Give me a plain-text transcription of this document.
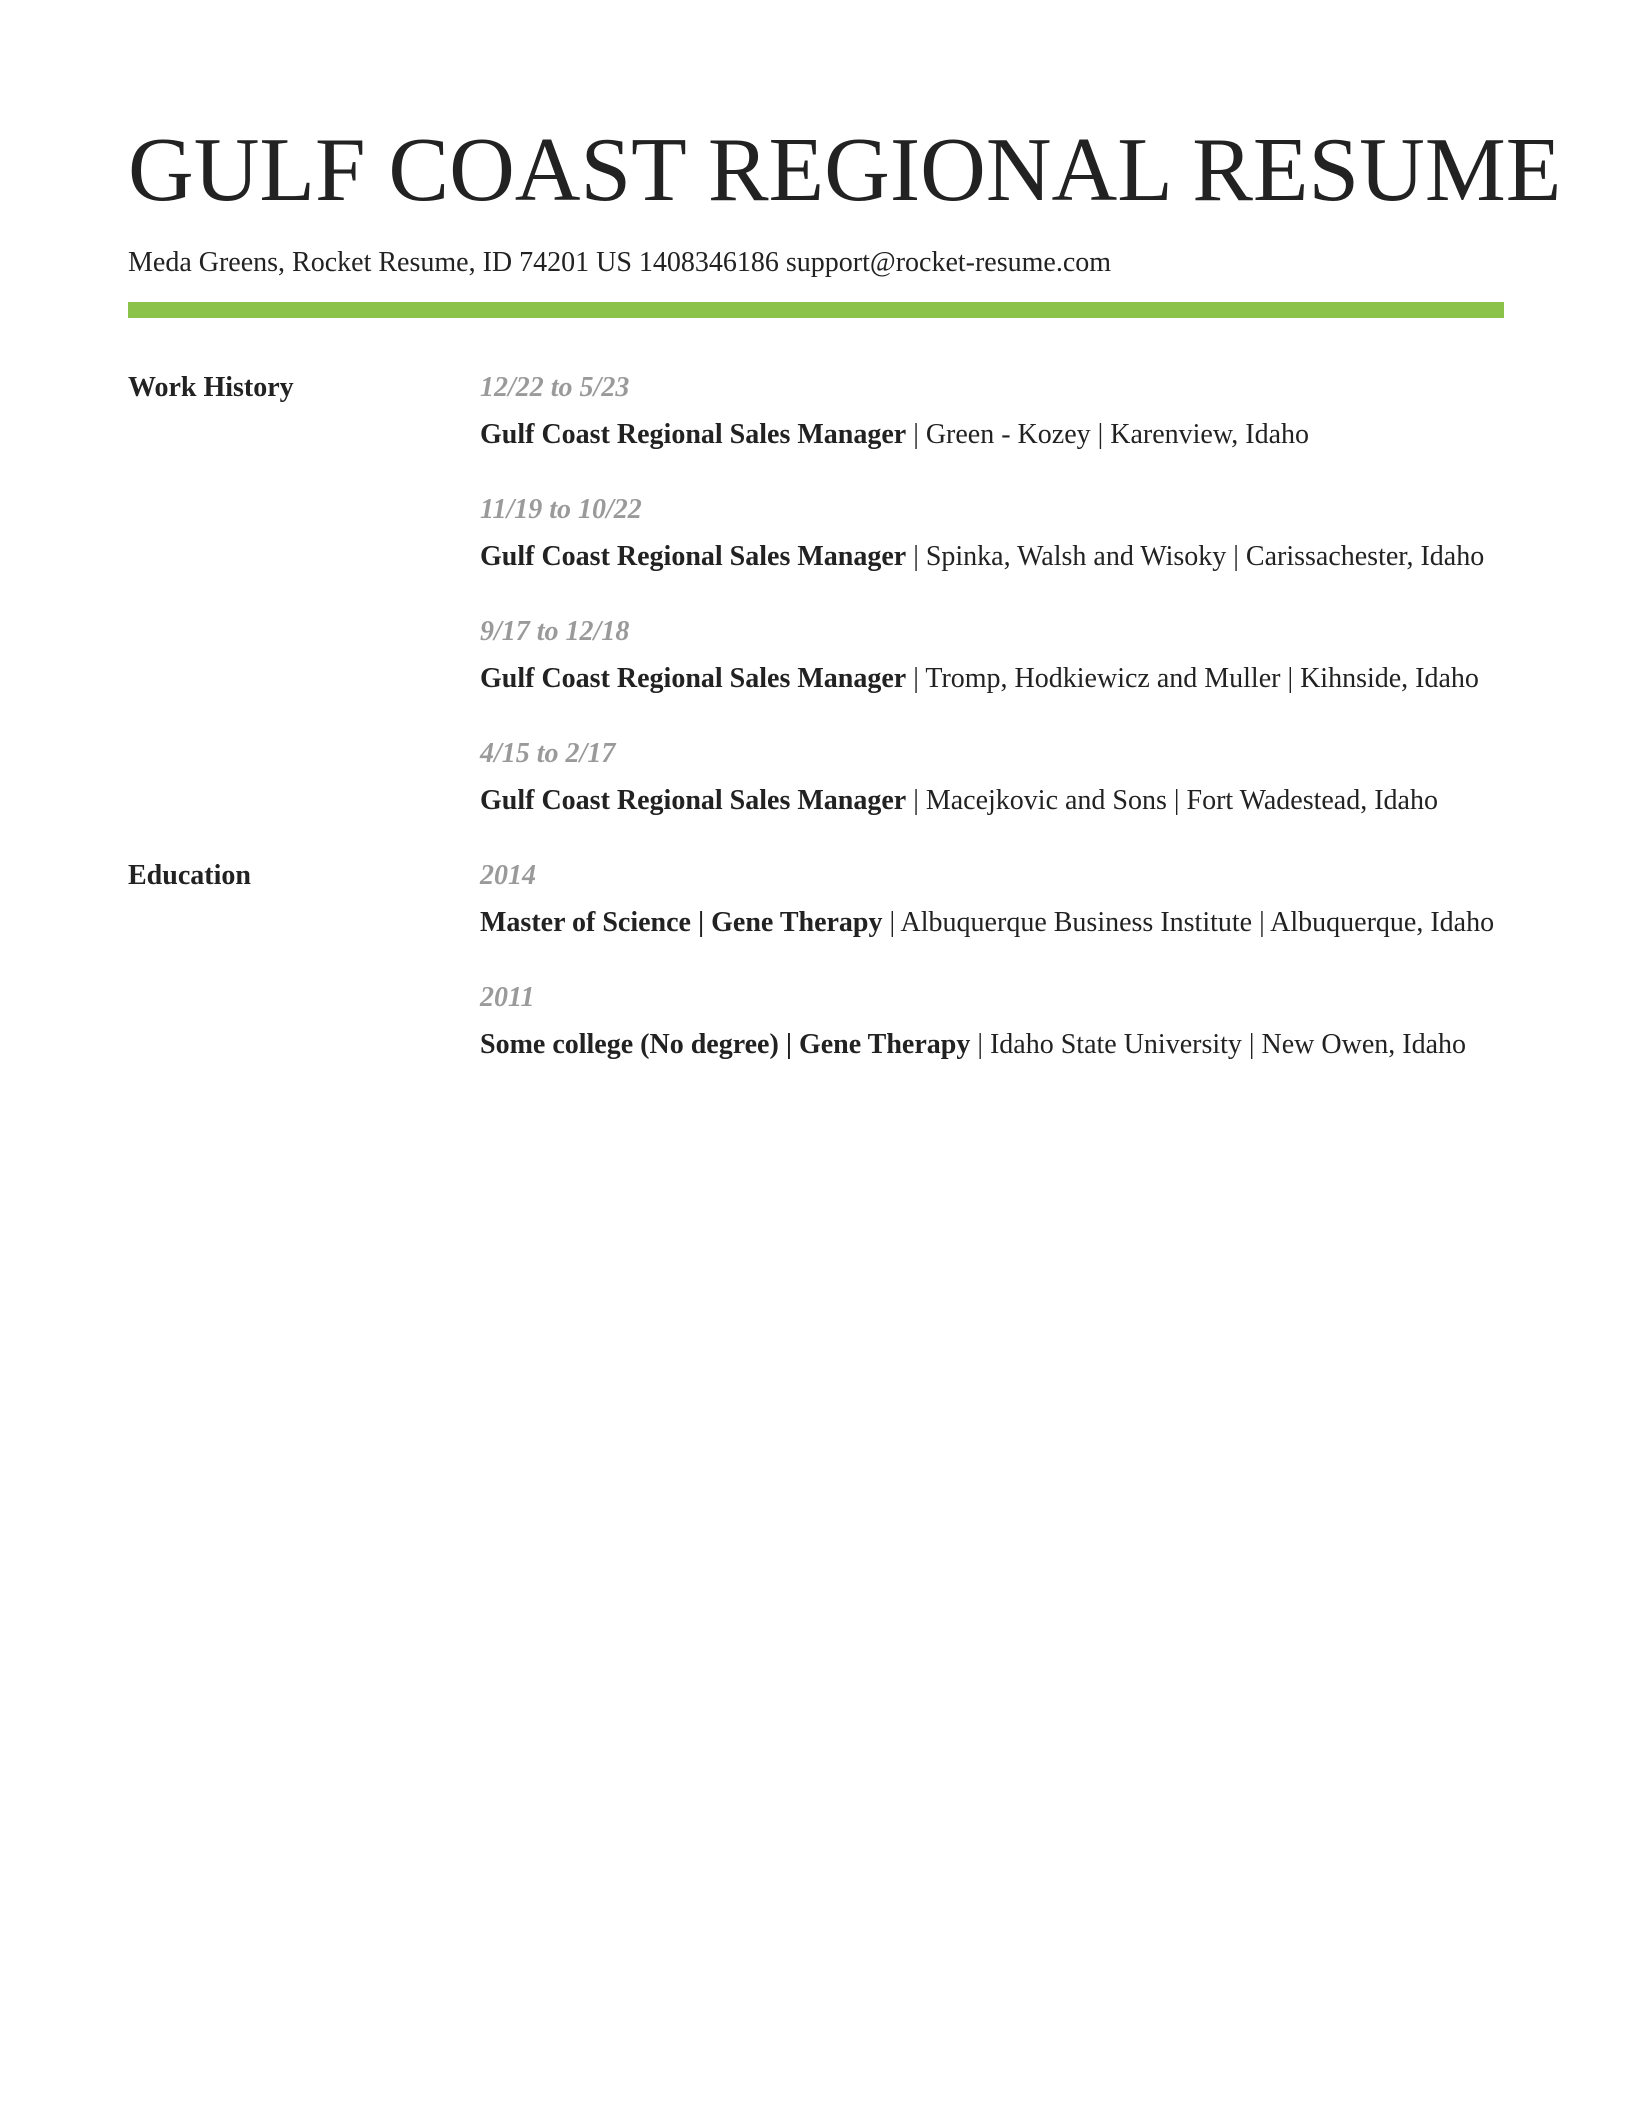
GULF COAST REGIONAL RESUME
Meda Greens, Rocket Resume, ID 74201 US 1408346186 support@rocket-resume.com
Work History	12/22 to 5/23
Gulf Coast Regional Sales Manager | Green - Kozey | Karenview, Idaho
11/19 to 10/22
Gulf Coast Regional Sales Manager | Spinka, Walsh and Wisoky | Carissachester, Idaho
9/17 to 12/18
Gulf Coast Regional Sales Manager | Tromp, Hodkiewicz and Muller | Kihnside, Idaho
4/15 to 2/17
Gulf Coast Regional Sales Manager | Macejkovic and Sons | Fort Wadestead, Idaho
Education	2014
Master of Science | Gene Therapy | Albuquerque Business Institute | Albuquerque, Idaho
2011
Some college (No degree) | Gene Therapy | Idaho State University | New Owen, Idaho
